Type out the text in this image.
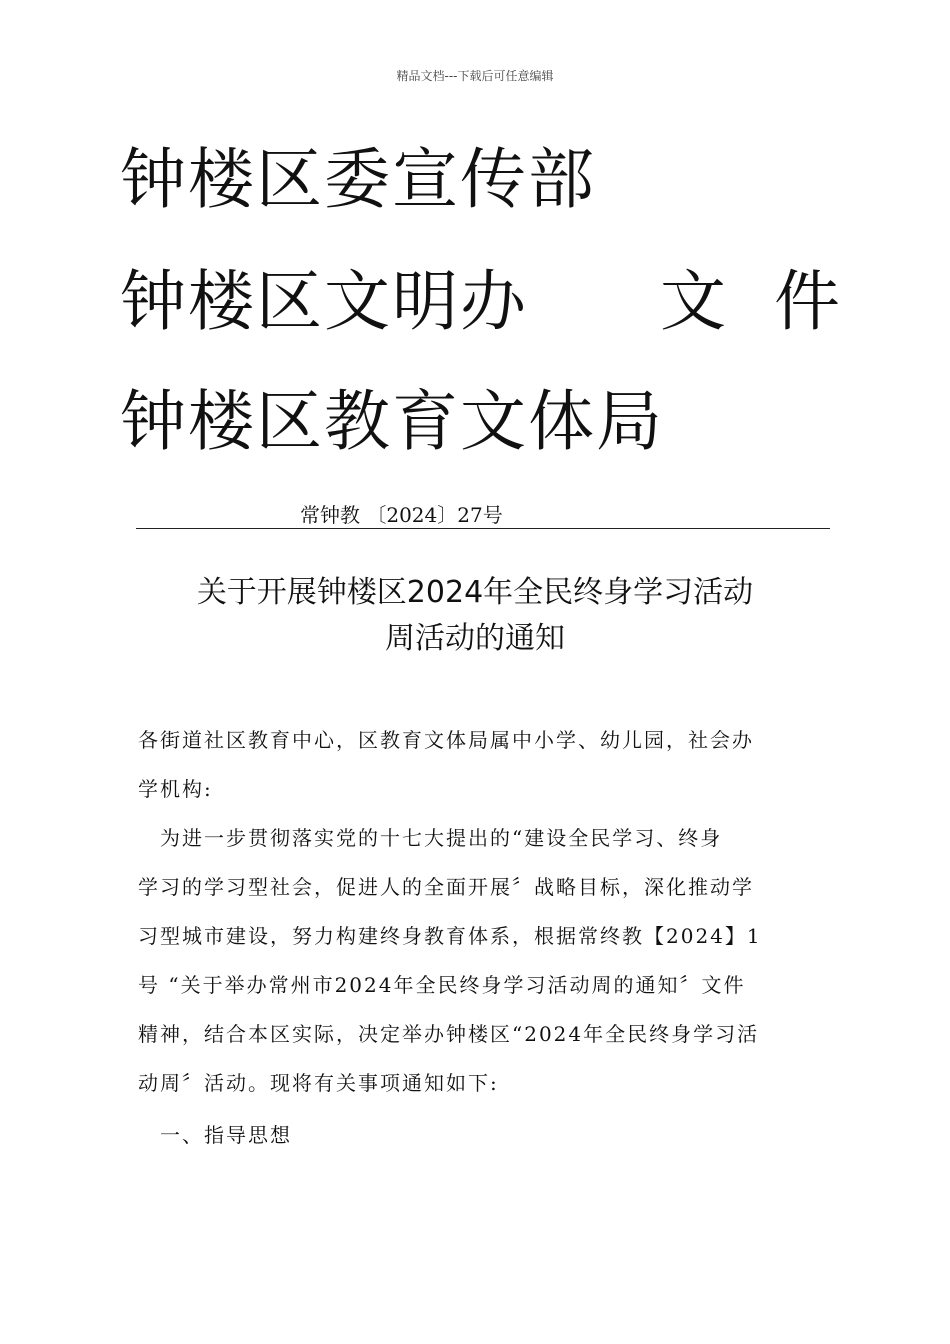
精品文档---下载后可任意编辑
钟楼区委宣传部
钟楼区文明办 文件
钟楼区教育文体局
常钟教 〔2024〕27号
关于开展钟楼区2024年全民终身学习活动
周活动的通知
各街道社区教育中心，区教育文体局属中小学、幼儿园，社会办
学机构:
　为进一步贯彻落实党的十七大提出的“建设全民学习、终身
学习的学习型社会，促进人的全面开展〞战略目标，深化推动学
习型城市建设，努力构建终身教育体系，根据常终教【2024】1
号 “关于举办常州市2024年全民终身学习活动周的通知〞文件
精神，结合本区实际，决定举办钟楼区“2024年全民终身学习活
动周〞活动。现将有关事项通知如下:
　一、指导思想
